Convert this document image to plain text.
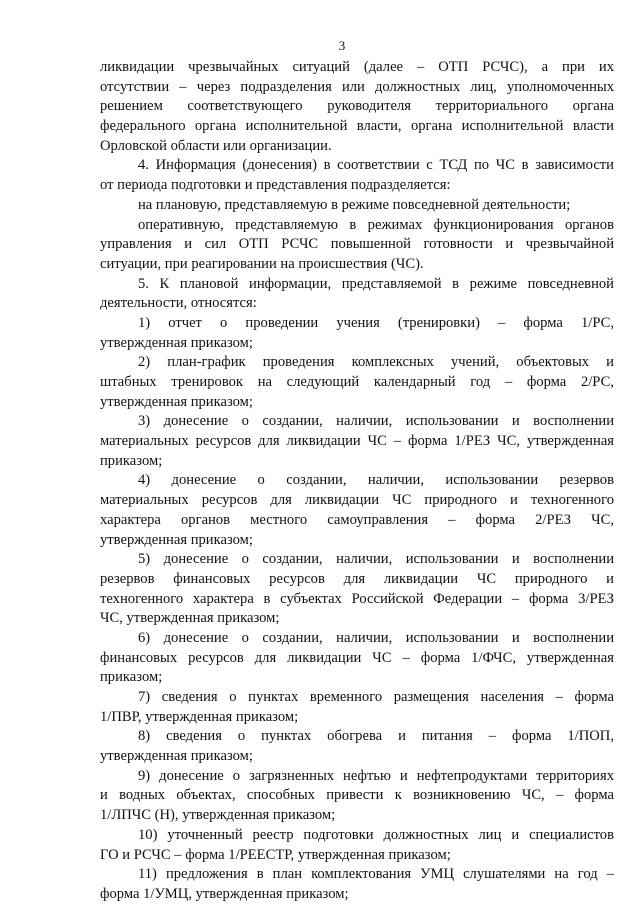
3
ликвидации чрезвычайных ситуаций (далее – ОТП РСЧС), а при их
отсутствии – через подразделения или должностных лиц, уполномоченных
решением соответствующего руководителя территориального органа
федерального органа исполнительной власти, органа исполнительной власти
Орловской области или организации.
4. Информация (донесения) в соответствии с ТСД по ЧС в зависимости
от периода подготовки и представления подразделяется:
на плановую, представляемую в режиме повседневной деятельности;
оперативную, представляемую в режимах функционирования органов
управления и сил ОТП РСЧС повышенной готовности и чрезвычайной
ситуации, при реагировании на происшествия (ЧС).
5. К плановой информации, представляемой в режиме повседневной
деятельности, относятся:
1) отчет о проведении учения (тренировки) – форма 1/РС,
утвержденная приказом;
2) план-график проведения комплексных учений, объектовых и
штабных тренировок на следующий календарный год – форма 2/РС,
утвержденная приказом;
3) донесение о создании, наличии, использовании и восполнении
материальных ресурсов для ликвидации ЧС – форма 1/РЕЗ ЧС, утвержденная
приказом;
4) донесение о создании, наличии, использовании резервов
материальных ресурсов для ликвидации ЧС природного и техногенного
характера органов местного самоуправления – форма 2/РЕЗ ЧС,
утвержденная приказом;
5) донесение о создании, наличии, использовании и восполнении
резервов финансовых ресурсов для ликвидации ЧС природного и
техногенного характера в субъектах Российской Федерации – форма 3/РЕЗ
ЧС, утвержденная приказом;
6) донесение о создании, наличии, использовании и восполнении
финансовых ресурсов для ликвидации ЧС – форма 1/ФЧС, утвержденная
приказом;
7) сведения о пунктах временного размещения населения – форма
1/ПВР, утвержденная приказом;
8) сведения о пунктах обогрева и питания – форма 1/ПОП,
утвержденная приказом;
9) донесение о загрязненных нефтью и нефтепродуктами территориях
и водных объектах, способных привести к возникновению ЧС, – форма
1/ЛПЧС (Н), утвержденная приказом;
10) уточненный реестр подготовки должностных лиц и специалистов
ГО и РСЧС – форма 1/РЕЕСТР, утвержденная приказом;
11) предложения в план комплектования УМЦ слушателями на год –
форма 1/УМЦ, утвержденная приказом;
